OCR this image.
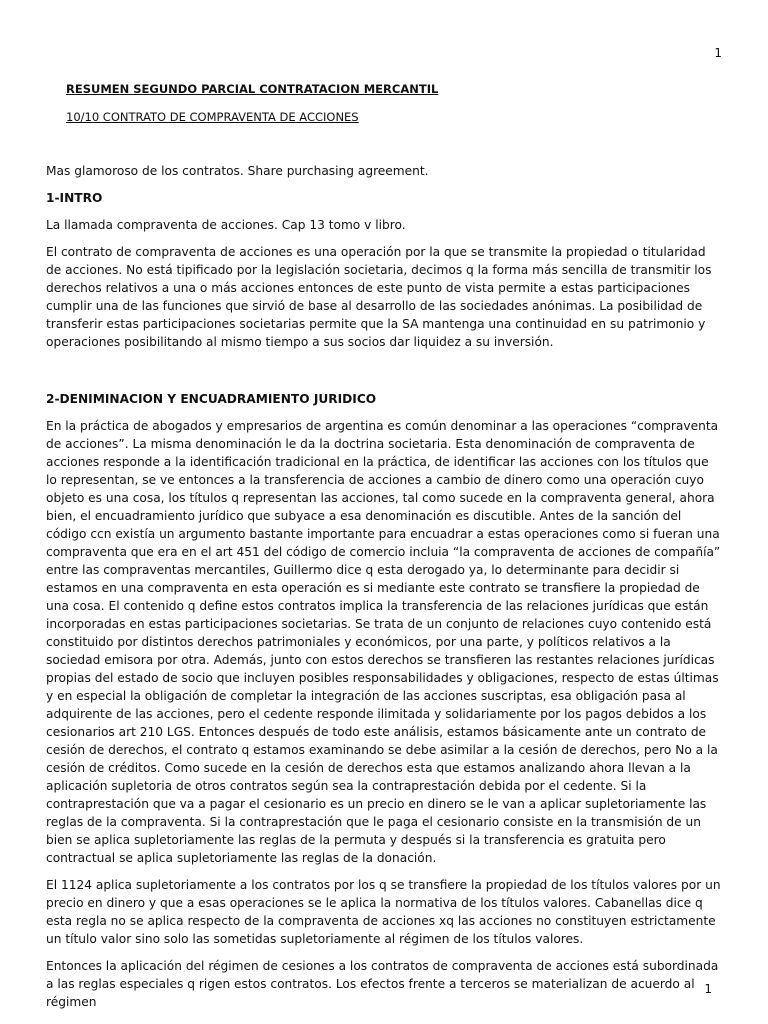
1
RESUMEN SEGUNDO PARCIAL CONTRATACION MERCANTIL
10/10 CONTRATO DE COMPRAVENTA DE ACCIONES

Mas glamoroso de los contratos. Share purchasing agreement.

1-INTRO

La llamada compraventa de acciones. Cap 13 tomo v libro.

El contrato de compraventa de acciones es una operación por la que se transmite la propiedad o titularidad de acciones. No está tipificado por la legislación societaria, decimos q la forma más sencilla de transmitir los derechos relativos a una o más acciones entonces de este punto de vista permite a estas participaciones cumplir una de las funciones que sirvió de base al desarrollo de las sociedades anónimas. La posibilidad de transferir estas participaciones societarias permite que la SA mantenga una continuidad en su patrimonio y operaciones posibilitando al mismo tiempo a sus socios dar liquidez a su inversión.

2-DENIMINACION Y ENCUADRAMIENTO JURIDICO

En la práctica de abogados y empresarios de argentina es común denominar a las operaciones “compraventa de acciones”. La misma denominación le da la doctrina societaria. Esta denominación de compraventa de acciones responde a la identificación tradicional en la práctica, de identificar las acciones con los títulos que lo representan, se ve entonces a la transferencia de acciones a cambio de dinero como una operación cuyo objeto es una cosa, los títulos q representan las acciones, tal como sucede en la compraventa general, ahora bien, el encuadramiento jurídico que subyace a esa denominación es discutible. Antes de la sanción del código ccn existía un argumento bastante importante para encuadrar a estas operaciones como si fueran una compraventa que era en el art 451 del código de comercio incluia “la compraventa de acciones de compañía” entre las compraventas mercantiles, Guillermo dice q esta derogado ya, lo determinante para decidir si estamos en una compraventa en esta operación es si mediante este contrato se transfiere la propiedad de una cosa. El contenido q define estos contratos implica la transferencia de las relaciones jurídicas que están incorporadas en estas participaciones societarias. Se trata de un conjunto de relaciones cuyo contenido está constituido por distintos derechos patrimoniales y económicos, por una parte, y políticos relativos a la sociedad emisora por otra. Además, junto con estos derechos se transfieren las restantes relaciones jurídicas propias del estado de socio que incluyen posibles responsabilidades y obligaciones, respecto de estas últimas y en especial la obligación de completar la integración de las acciones suscriptas, esa obligación pasa al adquirente de las acciones, pero el cedente responde ilimitada y solidariamente por los pagos debidos a los cesionarios art 210 LGS. Entonces después de todo este análisis, estamos básicamente ante un contrato de cesión de derechos, el contrato q estamos examinando se debe asimilar a la cesión de derechos, pero No a la cesión de créditos. Como sucede en la cesión de derechos esta que estamos analizando ahora llevan a la aplicación supletoria de otros contratos según sea la contraprestación debida por el cedente. Si la contraprestación que va a pagar el cesionario es un precio en dinero se le van a aplicar supletoriamente las reglas de la compraventa. Si la contraprestación que le paga el cesionario consiste en la transmisión de un bien se aplica supletoriamente las reglas de la permuta y después si la transferencia es gratuita pero contractual se aplica supletoriamente las reglas de la donación.

El 1124 aplica supletoriamente a los contratos por los q se transfiere la propiedad de los títulos valores por un precio en dinero y que a esas operaciones se le aplica la normativa de los títulos valores. Cabanellas dice q esta regla no se aplica respecto de la compraventa de acciones xq las acciones no constituyen estrictamente un título valor sino solo las sometidas supletoriamente al régimen de los títulos valores.

Entonces la aplicación del régimen de cesiones a los contratos de compraventa de acciones está subordinada a las reglas especiales q rigen estos contratos. Los efectos frente a terceros se materializan de acuerdo al régimen

1
